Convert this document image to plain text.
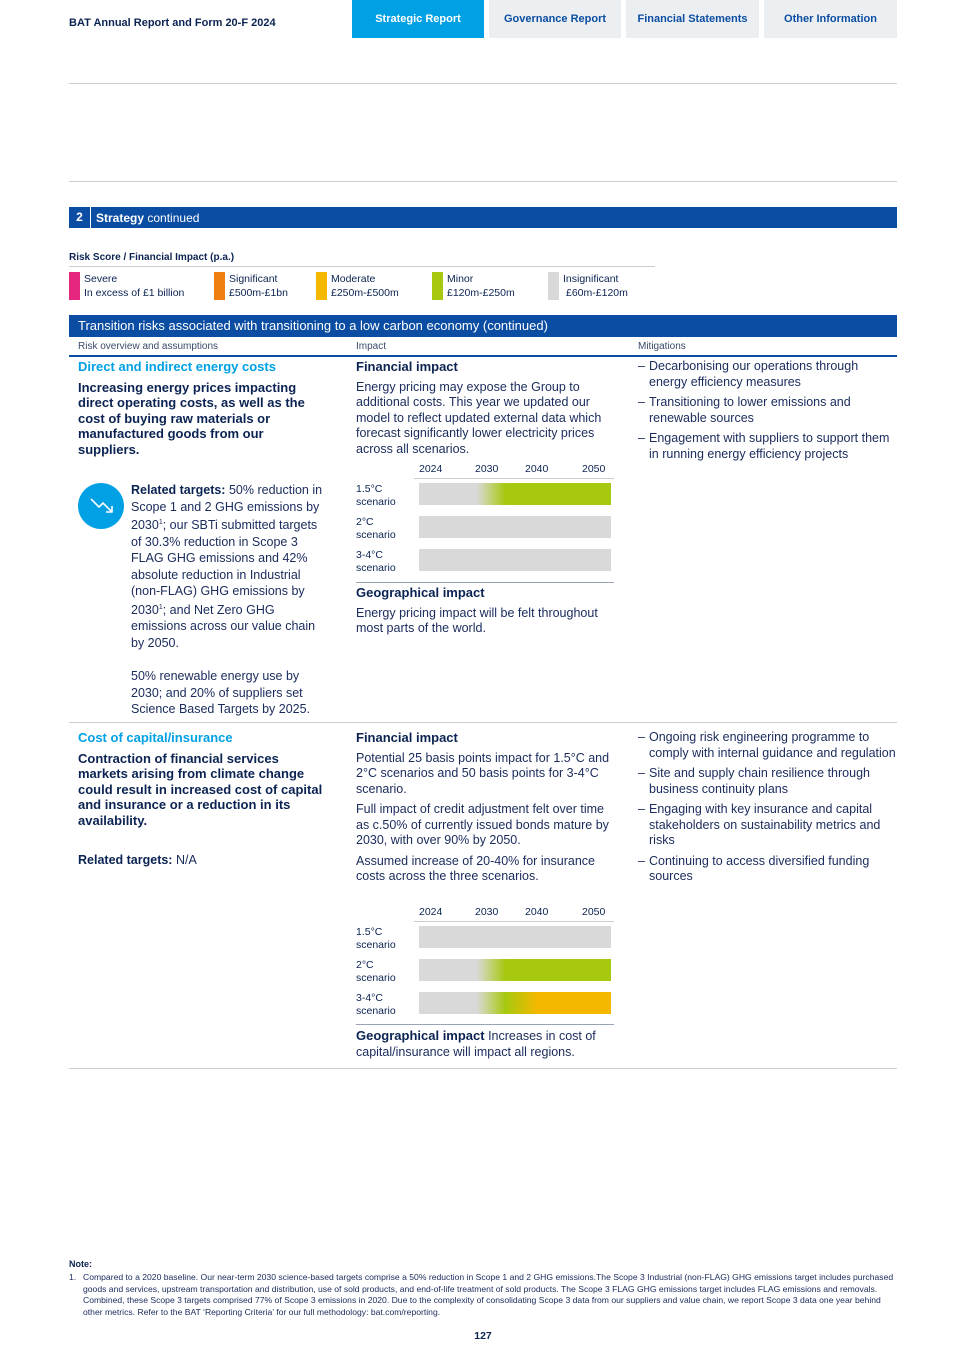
BAT Annual Report and Form 20-F 2024	Strategic Report	Governance Report	Financial Statements	Other Information
2	Strategy continued
Risk Score / Financial Impact (p.a.)
Severe
In excess of £1 billion
Significant
£500m-£1bn
Moderate
£250m-£500m
Minor
£120m-£250m
Insignificant
£60m-£120m
Transition risks associated with transitioning to a low carbon economy (continued)
Risk overview and assumptions	Impact	Mitigations
Direct and indirect energy costs
Increasing energy prices impacting direct operating costs, as well as the cost of buying raw materials or manufactured goods from our suppliers.
Related targets: 50% reduction in Scope 1 and 2 GHG emissions by 2030$^1$; our SBTi submitted targets of 30.3% reduction in Scope 3 FLAG GHG emissions and 42% absolute reduction in Industrial (non-FLAG) GHG emissions by 2030$^1$; and Net Zero GHG emissions across our value chain by 2050.
50% renewable energy use by 2030; and 20% of suppliers set Science Based Targets by 2025.
Financial impact
Energy pricing may expose the Group to additional costs. This year we updated our model to reflect updated external data which forecast significantly lower electricity prices across all scenarios.
2024	2030	2040	2050
1.5°C
scenario
2°C
scenario
3-4°C
scenario
Geographical impact
Energy pricing impact will be felt throughout most parts of the world.
– Decarbonising our operations through energy efficiency measures
– Transitioning to lower emissions and renewable sources
– Engagement with suppliers to support them in running energy efficiency projects
Cost of capital/insurance
Contraction of financial services markets arising from climate change could result in increased cost of capital and insurance or a reduction in its availability.
Related targets: N/A
Financial impact
Potential 25 basis points impact for 1.5°C and 2°C scenarios and 50 basis points for 3-4°C scenario.
Full impact of credit adjustment felt over time as c.50% of currently issued bonds mature by 2030, with over 90% by 2050.
Assumed increase of 20-40% for insurance costs across the three scenarios.
2024	2030	2040	2050
1.5°C
scenario
2°C
scenario
3-4°C
scenario
Geographical impact Increases in cost of capital/insurance will impact all regions.
– Ongoing risk engineering programme to comply with internal guidance and regulation
– Site and supply chain resilience through business continuity plans
– Engaging with key insurance and capital stakeholders on sustainability metrics and risks
– Continuing to access diversified funding sources
Note:
1. Compared to a 2020 baseline. Our near-term 2030 science-based targets comprise a 50% reduction in Scope 1 and 2 GHG emissions.The Scope 3 Industrial (non-FLAG) GHG emissions target includes purchased goods and services, upstream transportation and distribution, use of sold products, and end-of-life treatment of sold products. The Scope 3 FLAG GHG emissions target includes FLAG emissions and removals. Combined, these Scope 3 targets comprised 77% of Scope 3 emissions in 2020. Due to the complexity of consolidating Scope 3 data from our suppliers and value chain, we report Scope 3 data one year behind other metrics. Refer to the BAT ‘Reporting Criteria’ for our full methodology: bat.com/reporting.
127
